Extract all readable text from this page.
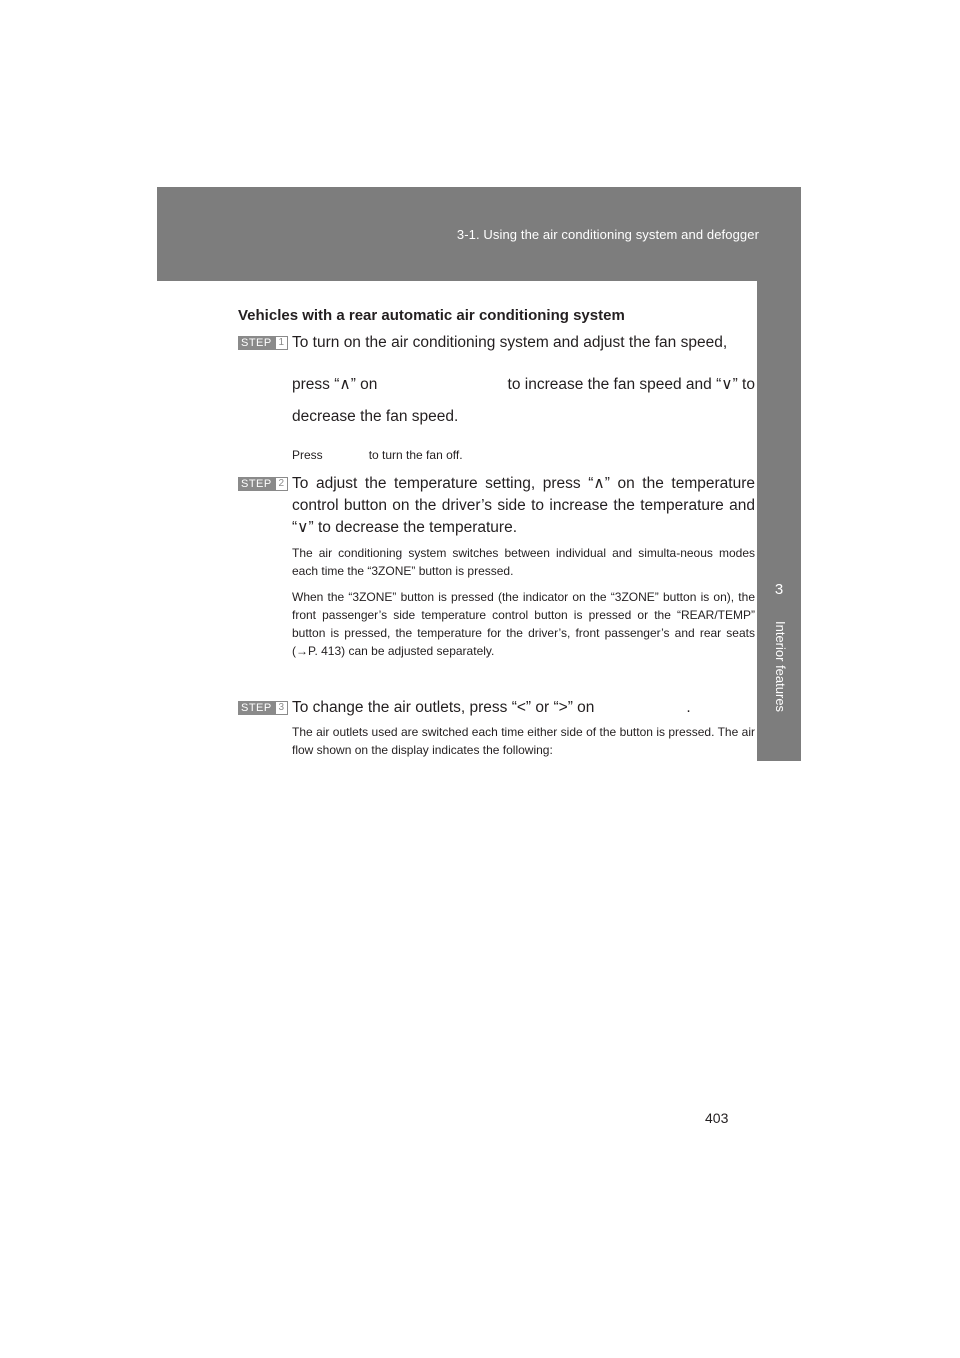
3-1. Using the air conditioning system and defogger
3
Interior features
Vehicles with a rear automatic air conditioning system
STEP 1 To turn on the air conditioning system and adjust the fan speed,
press “∧” on	to increase the fan speed and “∨” to
decrease the fan speed.
Press	to turn the fan off.
STEP 2 To adjust the temperature setting, press “∧” on the temperature control button on the driver’s side to increase the temperature and “∨” to decrease the temperature.
The air conditioning system switches between individual and simulta-neous modes each time the “3ZONE” button is pressed.
When the “3ZONE” button is pressed (the indicator on the “3ZONE” button is on), the front passenger’s side temperature control button is pressed or the “REAR/TEMP” button is pressed, the temperature for the driver’s, front passenger’s and rear seats (→P. 413) can be adjusted separately.
STEP 3 To change the air outlets, press “<” or “>” on	.
The air outlets used are switched each time either side of the button is pressed. The air flow shown on the display indicates the following:
403
